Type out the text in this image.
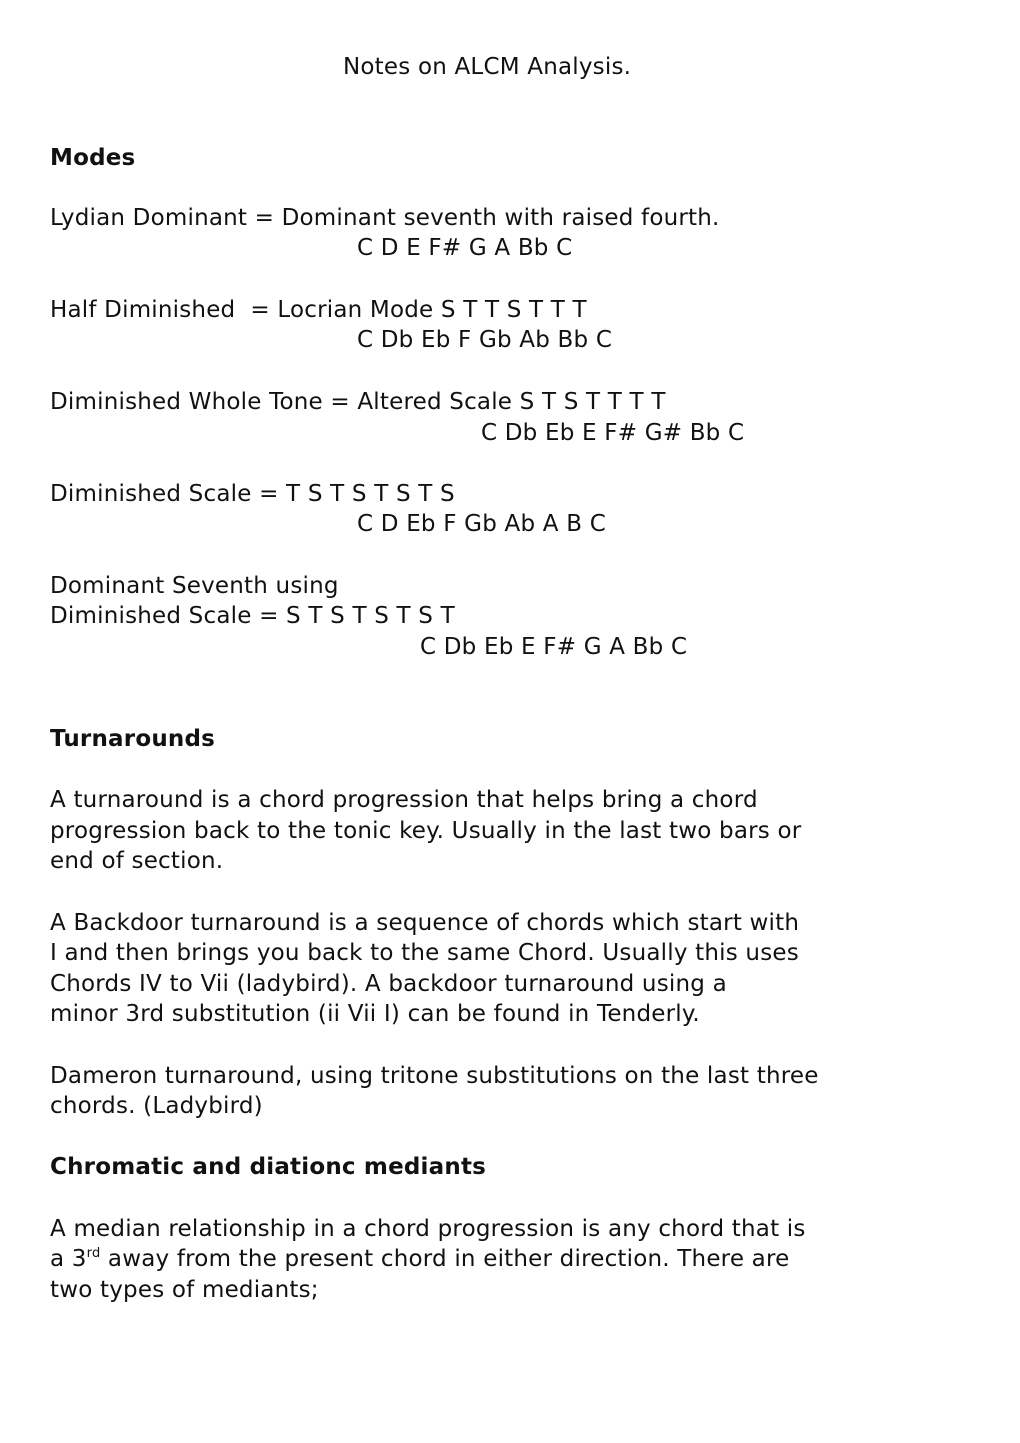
Notes on ALCM Analysis.
Modes
Lydian Dominant = Dominant seventh with raised fourth.
C D E F# G A Bb C
Half Diminished  = Locrian Mode S T T S T T T
C Db Eb F Gb Ab Bb C
Diminished Whole Tone = Altered Scale S T S T T T T
C Db Eb E F# G# Bb C
Diminished Scale = T S T S T S T S
C D Eb F Gb Ab A B C
Dominant Seventh using
Diminished Scale = S T S T S T S T
C Db Eb E F# G A Bb C
Turnarounds
A turnaround is a chord progression that helps bring a chord
progression back to the tonic key. Usually in the last two bars or
end of section.
A Backdoor turnaround is a sequence of chords which start with
I and then brings you back to the same Chord. Usually this uses
Chords IV to Vii (ladybird). A backdoor turnaround using a
minor 3rd substitution (ii Vii I) can be found in Tenderly.
Dameron turnaround, using tritone substitutions on the last three
chords. (Ladybird)
Chromatic and diationc mediants
A median relationship in a chord progression is any chord that is
a 3rd away from the present chord in either direction. There are
two types of mediants;
